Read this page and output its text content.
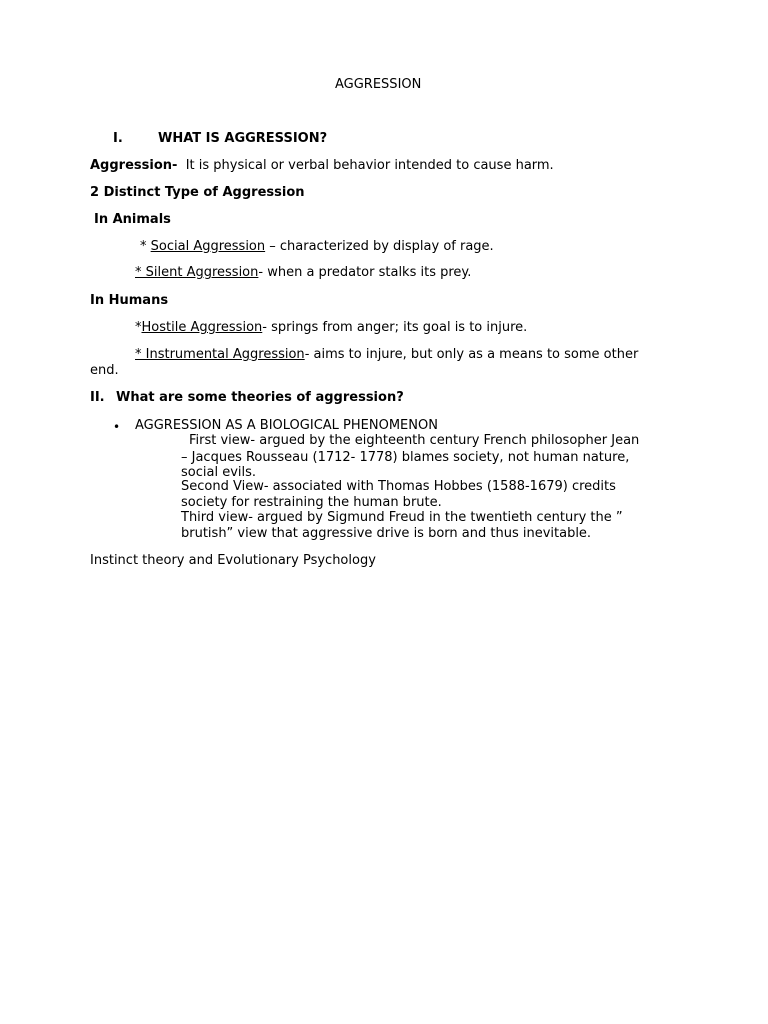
AGGRESSION
I.	WHAT IS AGGRESSION?
Aggression- It is physical or verbal behavior intended to cause harm.
2 Distinct Type of Aggression
In Animals
* Social Aggression – characterized by display of rage.
* Silent Aggression- when a predator stalks its prey.
In Humans
*Hostile Aggression- springs from anger; its goal is to injure.
* Instrumental Aggression- aims to injure, but only as a means to some other
end.
II. What are some theories of aggression?
• AGGRESSION AS A BIOLOGICAL PHENOMENON
First view- argued by the eighteenth century French philosopher Jean
– Jacques Rousseau (1712- 1778) blames society, not human nature,
social evils.
Second View- associated with Thomas Hobbes (1588-1679) credits
society for restraining the human brute.
Third view- argued by Sigmund Freud in the twentieth century the ”
brutish” view that aggressive drive is born and thus inevitable.
Instinct theory and Evolutionary Psychology
